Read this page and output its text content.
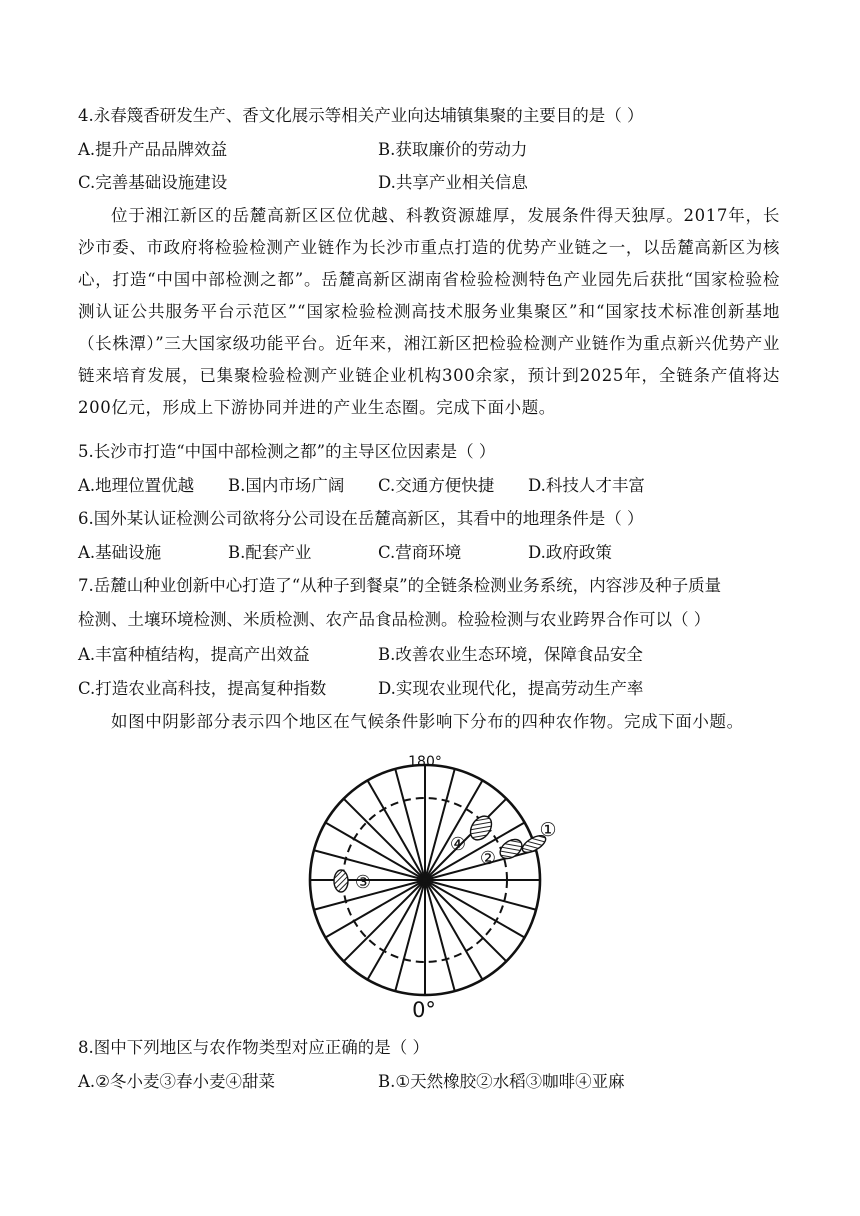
4.永春篾香研发生产、香文化展示等相关产业向达埔镇集聚的主要目的是（ ）
A.提升产品品牌效益	B.获取廉价的劳动力
C.完善基础设施建设	D.共享产业相关信息
位于湘江新区的岳麓高新区区位优越、科教资源雄厚，发展条件得天独厚。2017年，长沙市委、市政府将检验检测产业链作为长沙市重点打造的优势产业链之一，以岳麓高新区为核心，打造“中国中部检测之都”。岳麓高新区湖南省检验检测特色产业园先后获批“国家检验检测认证公共服务平台示范区”“国家检验检测高技术服务业集聚区”和“国家技术标准创新基地（长株潭）”三大国家级功能平台。近年来，湘江新区把检验检测产业链作为重点新兴优势产业链来培育发展，已集聚检验检测产业链企业机构300余家，预计到2025年，全链条产值将达200亿元，形成上下游协同并进的产业生态圈。完成下面小题。
5.长沙市打造“中国中部检测之都”的主导区位因素是（ ）
A.地理位置优越 B.国内市场广阔 C.交通方便快捷 D.科技人才丰富
6.国外某认证检测公司欲将分公司设在岳麓高新区，其看中的地理条件是（ ）
A.基础设施	B.配套产业	C.营商环境	D.政府政策
7.岳麓山种业创新中心打造了“从种子到餐桌”的全链条检测业务系统，内容涉及种子质量
检测、土壤环境检测、米质检测、农产品食品检测。检验检测与农业跨界合作可以（ ）
A.丰富种植结构，提高产出效益	B.改善农业生态环境，保障食品安全
C.打造农业高科技，提高复种指数	D.实现农业现代化，提高劳动生产率
如图中阴影部分表示四个地区在气候条件影响下分布的四种农作物。完成下面小题。
180°
0°
④
②
①
③
8.图中下列地区与农作物类型对应正确的是（ ）
A.②冬小麦③春小麦④甜菜	B.①天然橡胶②水稻③咖啡④亚麻
